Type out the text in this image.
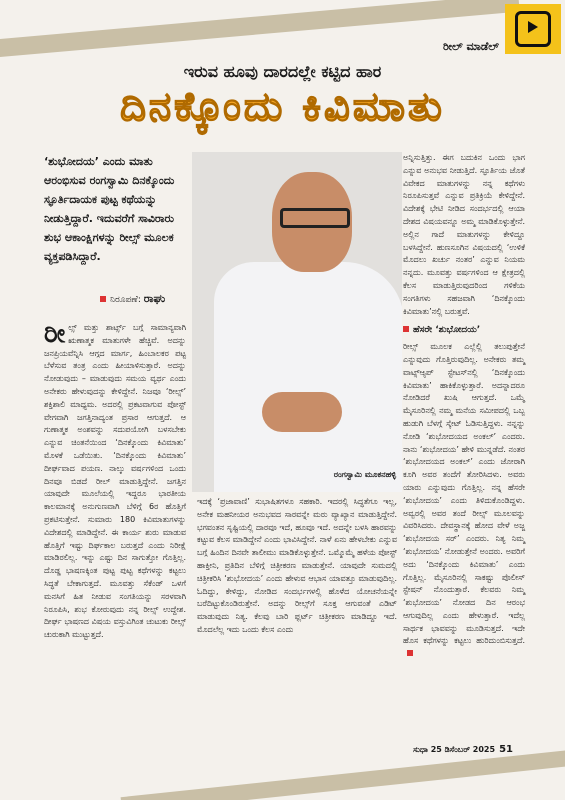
ರೀಲ್‌ ಮಾಡೆಲ್‌
ಇರುವ ಹೂವು ದಾರದಲ್ಲೇ ಕಟ್ಟಿದ ಹಾರ
ದಿನಕ್ಕೊಂದು ಕಿವಿಮಾತು
‘ಶುಭೋದಯ’ ಎಂದು ಮಾತು ಆರಂಭಿಸುವ ರಂಗಸ್ವಾಮಿ ದಿನಕ್ಕೊಂದು ಸ್ಫೂರ್ತಿದಾಯಕ ಪುಟ್ಟ ಕಥೆಯನ್ನು ನೀಡುತ್ತಿದ್ದಾರೆ. ಇದುವರೆಗೆ ಸಾವಿರಾರು ಶುಭ ಆಕಾಂಕ್ಷಿಗಳನ್ನು ರೀಲ್ಸ್ ಮೂಲಕ ವ್ಯಕ್ತಪಡಿಸಿದ್ದಾರೆ.
ನಿರೂಪಣೆ: ರಾಘು
ರಂಗಸ್ವಾಮಿ ಮೂಕನಹಳ್ಳಿ
ರೀಲ್ಸ್ ಮತ್ತು ಶಾರ್ಟ್ಸ್ ಬಗ್ಗೆ ಸಾಮಾನ್ಯವಾಗಿ ಋಣಾತ್ಮಕ ಮಾತುಗಳೇ ಹೆಚ್ಚಿವೆ. ಅದನ್ನು ಜನಪ್ರಿಯವೆನ್ನಿಸಿ ಆಗ್ಗದ ಮಾರ್ಗ, ಹಿಂಬಾಲಕರ ಪಟ್ಟ ಬೆಳೆಸುವ ತಂತ್ರ ಎಂದು ಹೀಯಾಳಿಸುತ್ತಾರೆ. ಅದನ್ನು ನೋಡುವುದು – ಮಾಡುವುದು ಸಮಯ ವ್ಯರ್ಥ ಎಂದು ಅನೇಕರು ಹೇಳುವುದನ್ನು ಕೇಳಿದ್ದೇನೆ. ನಿಜವೂ ‘ರೀಲ್ಸ್’ ಶಕ್ತಿಶಾಲಿ ಮಾಧ್ಯಮ. ಅದರಲ್ಲಿ ಪ್ರಕಟವಾಗುವ ಪೋಸ್ಟ್ ವೇಗವಾಗಿ ಜಗತ್ತಿನಾದ್ಯಂತ ಪ್ರಸಾರ ಆಗುತ್ತದೆ. ಆ ಗುಣಾತ್ಮಕ ಅಂಶವನ್ನು ಸದುಪಯೋಗಿ ಬಳಸಬೇಕು ಎನ್ನುವ ಚಿಂತನೆಯಿಂದ ‘ದಿನಕ್ಕೊಂದು ಕಿವಿಮಾತು’ ಮೊಳಕೆ ಒಡೆಯಿತು. ‘ದಿನಕ್ಕೊಂದು ಕಿವಿಮಾತು’ ದೀರ್ಘವಾದ ಪಯಣ. ನಾಲ್ಕು ವರ್ಷಗಳಿಂದ ಒಂದು ದಿನವೂ ಬಿಡದೆ ರೀಲ್ ಮಾಡುತ್ತಿದ್ದೇನೆ. ಜಗತ್ತಿನ ಯಾವುದೇ ಮೂಲೆಯಲ್ಲಿ ಇದ್ದರೂ ಭಾರತೀಯ ಕಾಲಮಾನಕ್ಕೆ ಅನುಗುಣವಾಗಿ ಬೆಳಿಗ್ಗೆ 6ರ ಹೊತ್ತಿಗೆ ಪ್ರಕಟಿಸುತ್ತೇನೆ. ಸುಮಾರು 180 ಕಿವಿಮಾತುಗಳನ್ನು ವಿದೇಶದಲ್ಲಿ ಮಾಡಿದ್ದೇನೆ. ಈ ಕಾರ್ಯ ಶುರು ಮಾಡುವ ಹೊತ್ತಿಗೆ ಇಷ್ಟು ದಿರ್ಘಕಾಲ ಬರುತ್ತದೆ ಎಂದು ನಿರೀಕ್ಷೆ ಮಾಡಿರಲಿಲ್ಲ. ಇನ್ನು ಎಷ್ಟು ದಿನ ಸಾಗುತ್ತೋ ಗೊತ್ತಿಲ್ಲ. ದೊಡ್ಡ ಭಾಷಣಕ್ಕಿಂತ ಪುಟ್ಟ ಪುಟ್ಟ ಕಥೆಗಳನ್ನು ಕಟ್ಟಲು ಸಿದ್ಧತೆ ಬೇಕಾಗುತ್ತದೆ. ಮೂವತ್ತು ಸೆಕೆಂಡ್ ಒಳಗೆ ಮನಸಿಗೆ ಹಿತ ನೀಡುವ ಸಂಗತಿಯನ್ನು ಸರಳವಾಗಿ ನಿರೂಪಿಸಿ, ಶುಭ ಕೋರುವುದು ನನ್ನ ರೀಲ್ಸ್ ಉದ್ದೇಶ. ದೀರ್ಘ ಭಾಷಣದ ವಿಷಯ ವಸ್ತುವಿಗಿಂತ ಚುಟುಕು ರೀಲ್ಸ್ ಚುರುಕಾಗಿ ಮುಟ್ಟುತ್ತದೆ.
ಇದಕ್ಕೆ ‘ಪ್ರಜಾವಾಣಿ’ ಸುಭಾಷಿತಗಳೂ ಸಹಕಾರಿ. ಇದರಲ್ಲಿ ಸಿದ್ಧತೆಗೂ ಇಲ್ಲ, ಅನೇಕ ಮಹನೀಯರ ಅನುಭವದ ಸಾರವನ್ನೇ ಮರು ವ್ಯಾಖ್ಯಾನ ಮಾಡುತ್ತಿದ್ದೇನೆ. ಭಗವಂತನ ಸೃಷ್ಟಿಯಲ್ಲಿ ದಾರವೂ ಇದೆ, ಹೂವೂ ಇದೆ. ಅದನ್ನೇ ಬಳಸಿ ಹಾರವನ್ನು ಕಟ್ಟುವ ಕೆಲಸ ಮಾಡಿದ್ದೇನೆ ಎಂದು ಭಾವಿಸಿದ್ದೇನೆ. ನಾಳೆ ಏನು ಹೇಳಬೇಕು ಎನ್ನುವ ಬಗ್ಗೆ ಹಿಂದಿನ ದಿನವೇ ತಾಲೀಮು ಮಾಡಿಕೊಳ್ಳುತ್ತೇನೆ. ಒಮ್ಮೊಮ್ಮೆ ಹಳೆಯ ಪೋಸ್ಟ್ ಹಾಕ್ತೀನಿ, ಪ್ರತಿದಿನ ಬೆಳಿಗ್ಗೆ ಚಿತ್ರೀಕರಣ ಮಾಡುತ್ತೇನೆ. ಯಾವುದೇ ಸುಮದಲ್ಲಿ ಚಿತ್ರೀಕರಿಸಿ ‘ಶುಭೋದಯ’ ಎಂದು ಹೇಳುವ ಆಭಾಸ ಯಾವತ್ತೂ ಮಾಡುವುದಿಲ್ಲ. ಓದಿದ್ದು, ಕೇಳಿದ್ದು, ನೋಡಿದ ಸಂದರ್ಭಗಳಲ್ಲಿ ಹೊಳೆದ ಯೋಚನೆಯನ್ನೇ ಬರೆದಿಟ್ಟುಕೊಂಡಿರುತ್ತೇನೆ. ಅದನ್ನು ರೀಲ್ಸ್‌ಗೆ ಸೂಕ್ತ ಆಗುವಂತೆ ಎಡಿಟ್ ಮಾಡುವುದು ನಿತ್ಯ. ಕೆಲವು ಬಾರಿ ಫ್ಲರ್ಟ್ ಚಿತ್ರೀಕರಣ ಮಾಡಿದ್ದೂ ಇದೆ. ಮೊದಲೆಲ್ಲ ಇದು ಒಂದು ಕೆಲಸ ಎಂದು
ಅನ್ನಿಸುತ್ತಿತ್ತು. ಈಗ ಬದುಕಿನ ಒಂದು ಭಾಗ ಎನ್ನುವ ಅನುಭವ ನೀಡುತ್ತಿದೆ. ಸ್ಫೂರ್ತಿಯ ಜೊತೆ ವಿವೇಕದ ಮಾತುಗಳನ್ನು ನನ್ನ ಕಥೆಗಳು ನಿರೂಪಿಸುತ್ತವೆ ಎನ್ನುವ ಪ್ರತಿಕ್ರಿಯೆ ಕೇಳಿದ್ದೇನೆ. ವಿದೇಶಕ್ಕೆ ಭೇಟಿ ನೀಡಿದ ಸಂದರ್ಭದಲ್ಲಿ ಆಯಾ ದೇಶದ ವಿಷಯವನ್ನೂ ಅಮ್ಮ ಮಾಡಿಕೊಳ್ಳುತ್ತೇನೆ. ಅಲ್ಲಿನ ಗಾದೆ ಮಾತುಗಳನ್ನು ಕೇಳಿದ್ದೂ ಬಳಸಿದ್ದೇನೆ. ಹುಣಸೂಗಿನ ವಿಷಯದಲ್ಲಿ ‘ಉಳಿಕೆ ಮೊದಲು ಖರ್ಚು ನಂತರ’ ಎನ್ನುವ ನಿಯಮ ನನ್ನದು. ಮೂವತ್ತು ವರ್ಷಗಳಿಂದ ಆ ಕ್ಷೇತ್ರದಲ್ಲಿ ಕೆಲಸ ಮಾಡುತ್ತಿರುವುದರಿಂದ ಗಳಿಕೆಯ ಸಂಗತಿಗಳು ಸಹಜವಾಗಿ ‘ದಿನಕ್ಕೊಂದು ಕಿವಿಮಾತು’ನಲ್ಲಿ ಬರುತ್ತವೆ.
ಹೆಸರೇ ‘ಶುಭೋದಯ’
ರೀಲ್ಸ್ ಮೂಲಕ ಎಲ್ಲೆಲ್ಲಿ ತಲುಪುತ್ತೇನೆ ಎನ್ನುವುದು ಗೊತ್ತಿರುವುದಿಲ್ಲ. ಅನೇಕರು ತಮ್ಮ ವಾಟ್ಸ್‌ಆ್ಯಪ್ ಸ್ಟೇಟಸ್‌ನಲ್ಲಿ ‘ದಿನಕ್ಕೊಂದು ಕಿವಿಮಾತು’ ಹಾಕಿಕೊಳ್ಳುತ್ತಾರೆ. ಅದನ್ನಾದರೂ ನೋಡಿದರೆ ಖುಷಿ ಆಗುತ್ತದೆ. ಒಮ್ಮೆ ಮೈಸೂರಿನಲ್ಲಿ ನಮ್ಮ ಮನೆಯ ಸಮೀಪದಲ್ಲಿ ಒಬ್ಬ ಹುಡುಗಿ ಬೆಳಗ್ಗೆ ಸ್ಕೇಟ್ ಓಡಿಸುತ್ತಿದ್ದಳು. ನನ್ನನ್ನು ನೋಡಿ ‘ಶುಭೋದಯದ ಅಂಕಲ್’ ಎಂದರು. ನಾನು ‘ಶುಭೋದಯ’ ಹೇಳಿ ಮುನ್ನಡೆದೆ. ನಂತರ ‘ಶುಭೋದಯದ ಅಂಕಲ್’ ಎಂದು ಜೋರಾಗಿ ಕೂಗಿ ಅವರ ತಂದೆಗೆ ತೋರಿಸಿದಳು. ಅವರು ಯಾರು ಎನ್ನುವುದು ಗೊತ್ತಿಲ್ಲ. ನನ್ನ ಹೆಸರೇ ‘ಶುಭೋದಯ’ ಎಂದು ತಿಳಿದುಕೊಂಡಿದ್ದಳು. ಅವ್ವರಲ್ಲಿ ಅವರ ತಂದೆ ರೀಲ್ಸ್ ಮೂಲವನ್ನು ವಿವರಿಸಿದರು. ದೇವಸ್ಥಾನಕ್ಕೆ ಹೋದ ವೇಳೆ ಅಜ್ಜ ‘ಶುಭೋದಯ ಸರ್’ ಎಂದರು. ನಿತ್ಯ ನಿಮ್ಮ ‘ಶುಭೋದಯ’ ನೋಡುತ್ತೇನೆ ಅಂದರು. ಅವರಿಗೆ ಅದು ‘ದಿನಕ್ಕೊಂದು ಕಿವಿಮಾತು’ ಎಂದು ಗೊತ್ತಿಲ್ಲ. ಮೈಸೂರಿನಲ್ಲಿ ಸಾಕಷ್ಟು ಪೊಲೀಸ್ ಸ್ಟೇಷನ್ ನೊಂದುತ್ತಾರೆ. ಕೆಲವರು ನಿಮ್ಮ ‘ಶುಭೋದಯ’ ನೋಡದ ದಿನ ಆರಂಭ ಆಗುವುದಿಲ್ಲ ಎಂದು ಹೇಳುತ್ತಾರೆ. ಇದೆಲ್ಲ ಸಾರ್ಥಕ ಭಾವವನ್ನು ಮೂಡಿಸುತ್ತದೆ. ಇದೇ ಹೊಸ ಕಥೆಗಳನ್ನು ಕಟ್ಟಲು ಹುರಿದುಂಬಿಸುತ್ತದೆ.
ಸುಧಾ 25 ಡಿಸೆಂಬರ್ 2025 51
